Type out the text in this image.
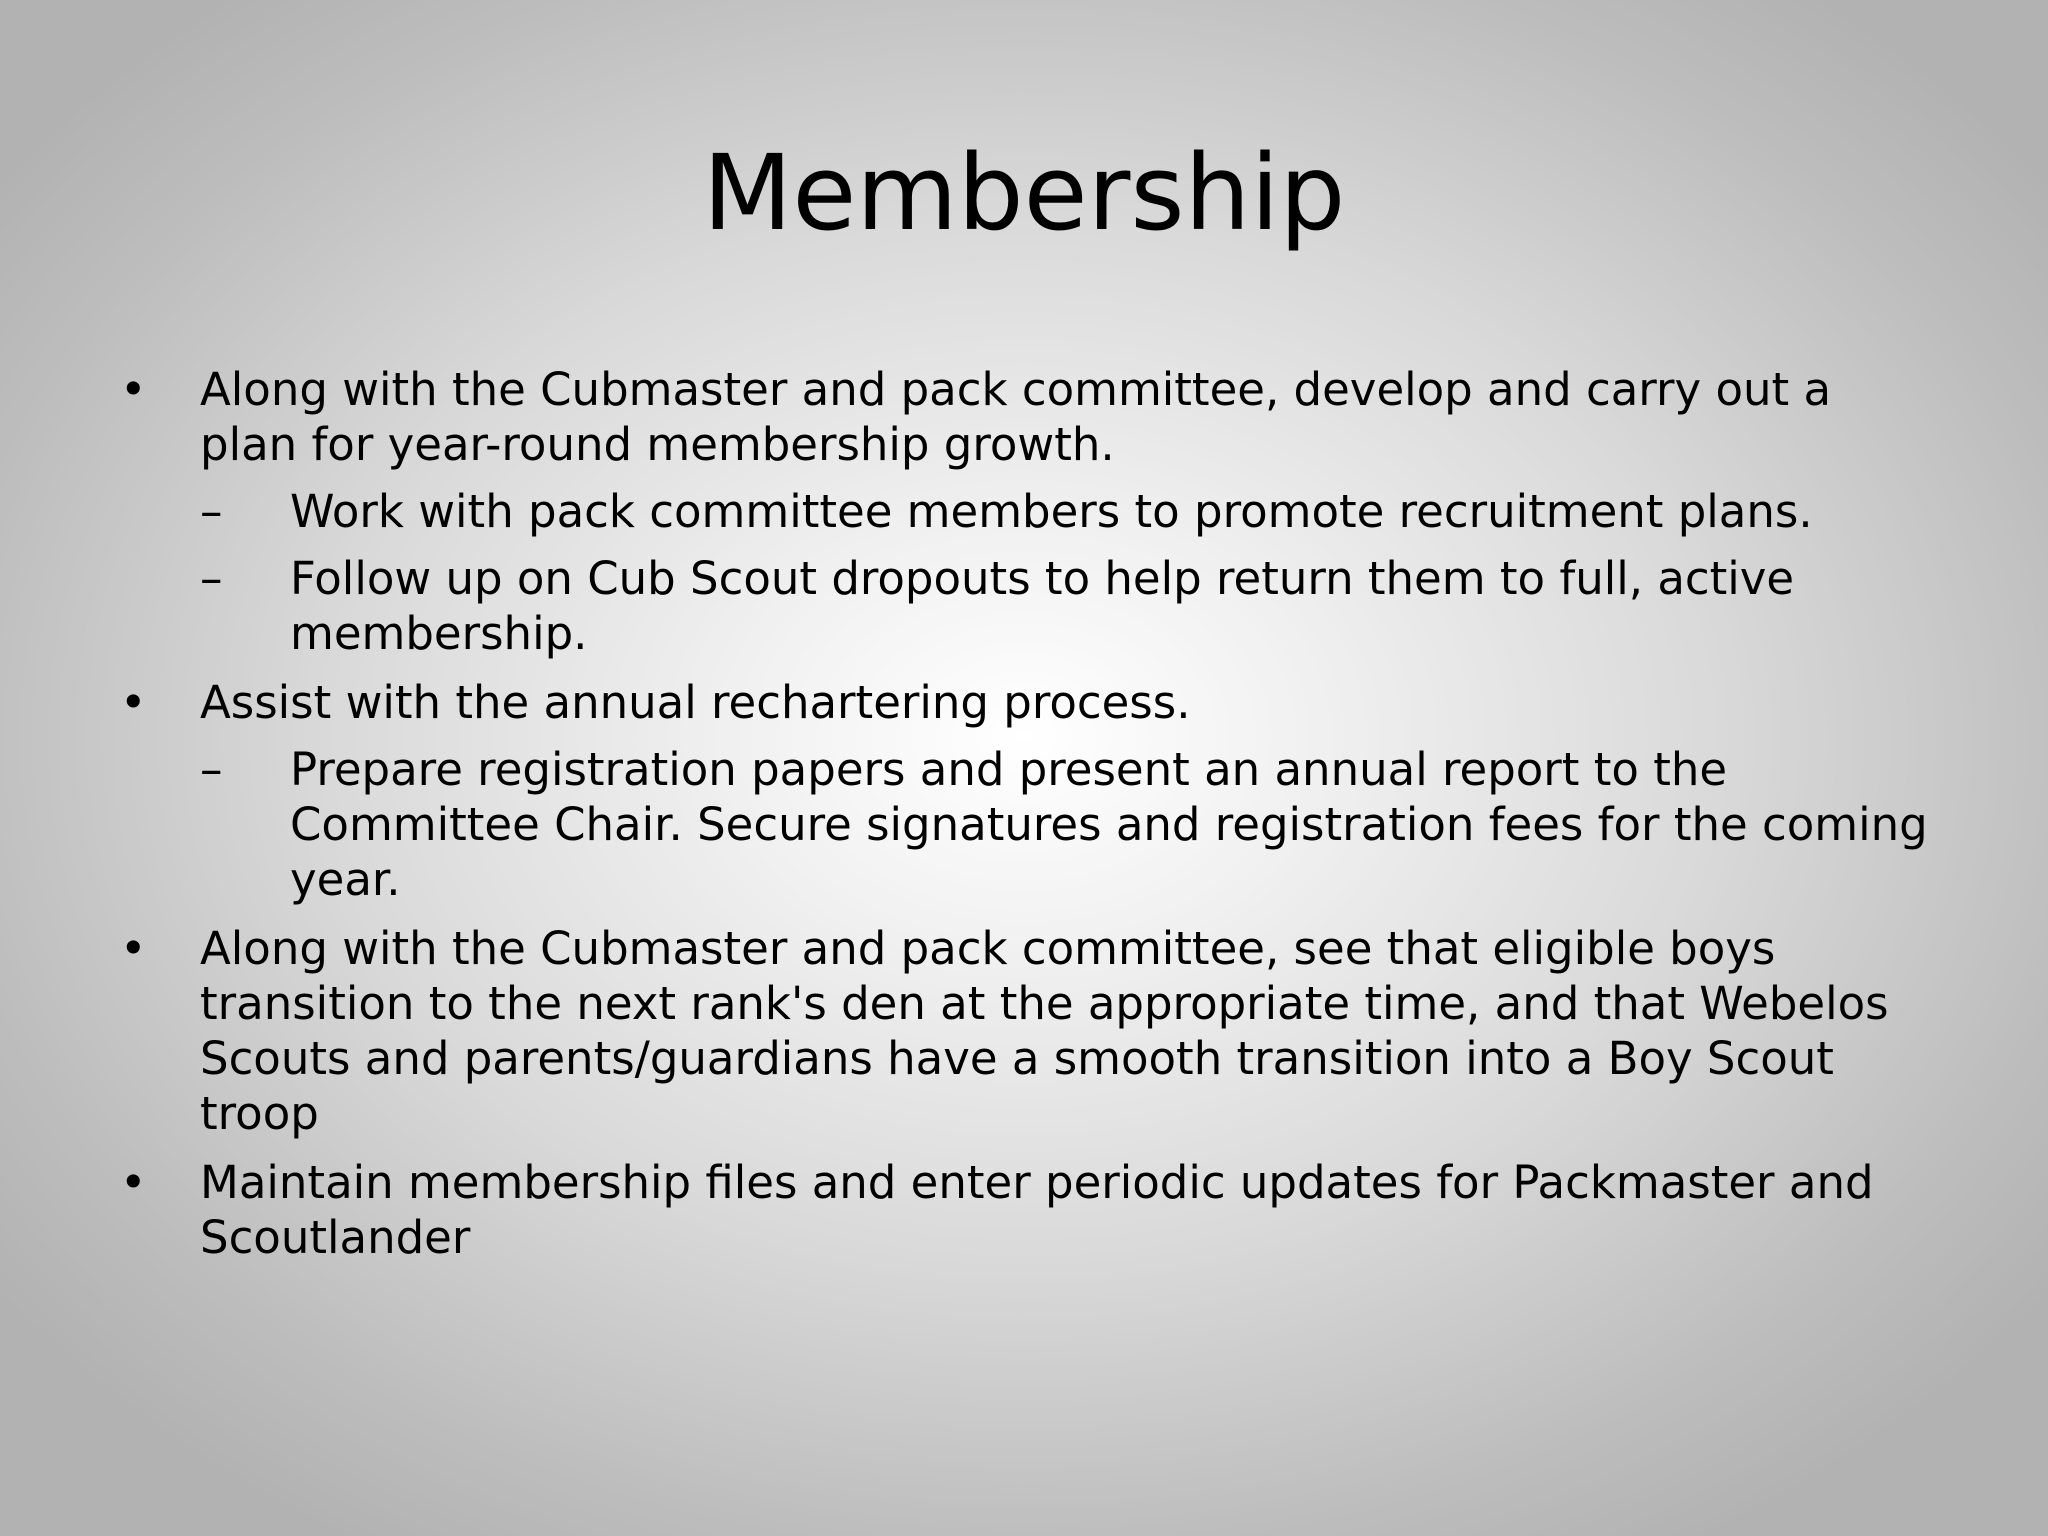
Membership
• Along with the Cubmaster and pack committee, develop and carry out a plan for year-round membership growth.
–	Work with pack committee members to promote recruitment plans.
–	Follow up on Cub Scout dropouts to help return them to full, active membership.
• Assist with the annual rechartering process.
–	Prepare registration papers and present an annual report to the Committee Chair. Secure signatures and registration fees for the coming year.
• Along with the Cubmaster and pack committee, see that eligible boys transition to the next rank's den at the appropriate time, and that Webelos Scouts and parents/guardians have a smooth transition into a Boy Scout troop
• Maintain membership files and enter periodic updates for Packmaster and Scoutlander
